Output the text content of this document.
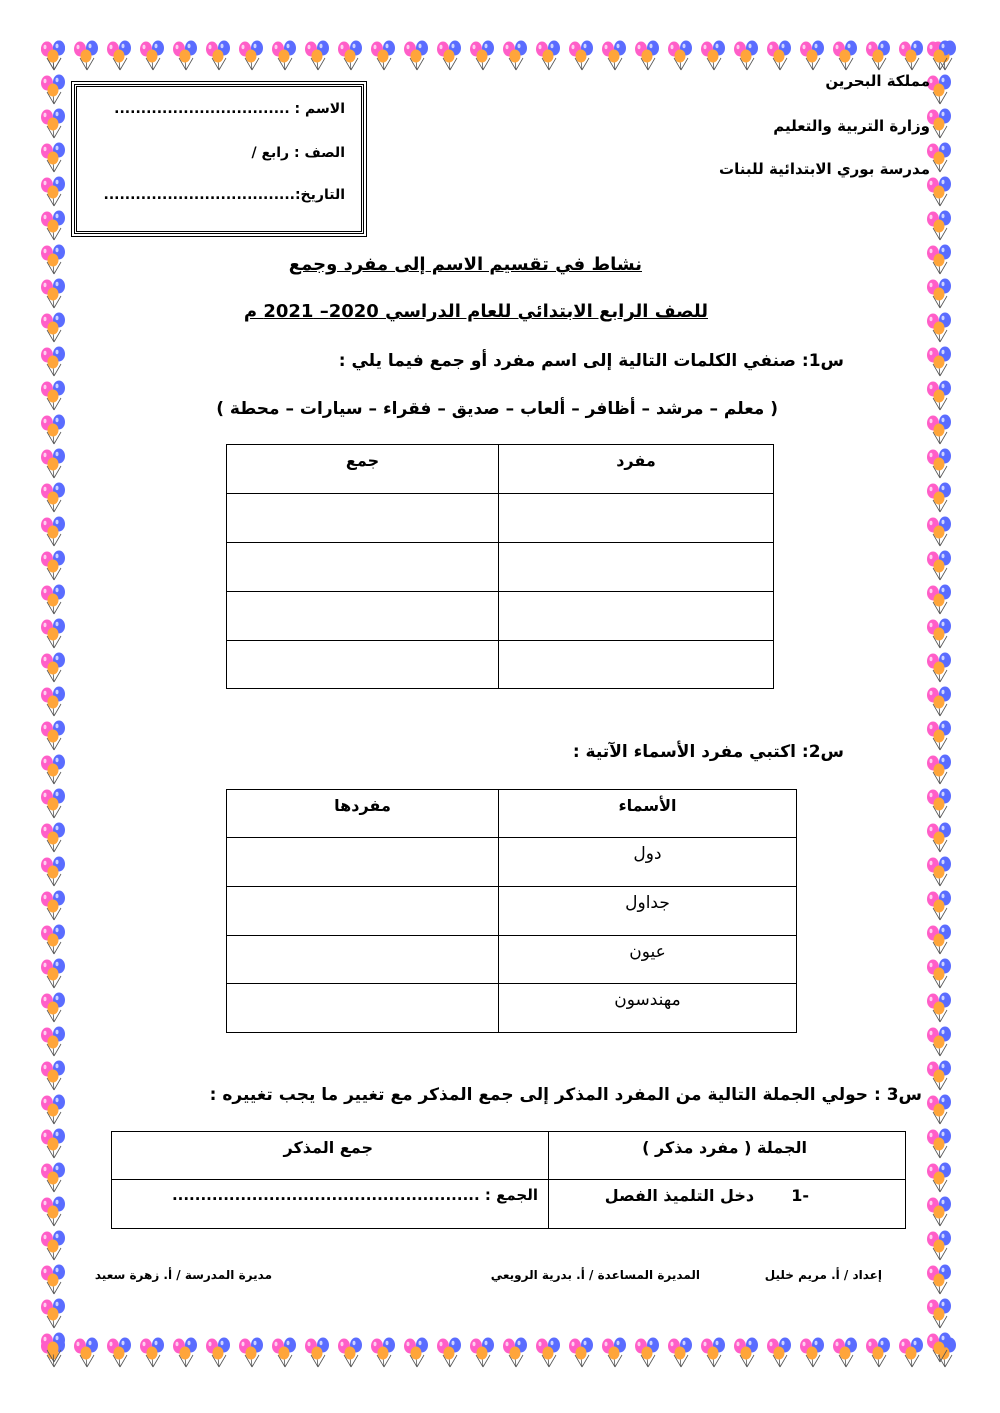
مملكة البحرين
وزارة التربية والتعليم
مدرسة بوري الابتدائية للبنات
الاسم : .................................
الصف : رابع /
التاريخ:....................................
نشاط في تقسيم الاسم إلى مفرد وجمع
للصف الرابع الابتدائي للعام الدراسي 2020– 2021 م
س1: صنفي الكلمات التالية إلى اسم مفرد أو جمع فيما يلي :
( معلم – مرشد – أظافر – ألعاب – صديق – فقراء – سيارات – محطة )
مفرد	جمع

س2: اكتبي مفرد الأسماء الآتية :
الأسماء	مفردها
دول	
جداول	
عيون	
مهندسون	
س3 : حولي الجملة التالية من المفرد المذكر إلى جمع المذكر مع تغيير ما يجب تغييره :
الجملة ( مفرد مذكر )	جمع المذكر
-1  دخل التلميذ الفصل	الجمع : ......................................................
إعداد / أ. مريم خليل
المديرة المساعدة / أ. بدرية الرويعي
مديرة المدرسة / أ. زهرة سعيد
